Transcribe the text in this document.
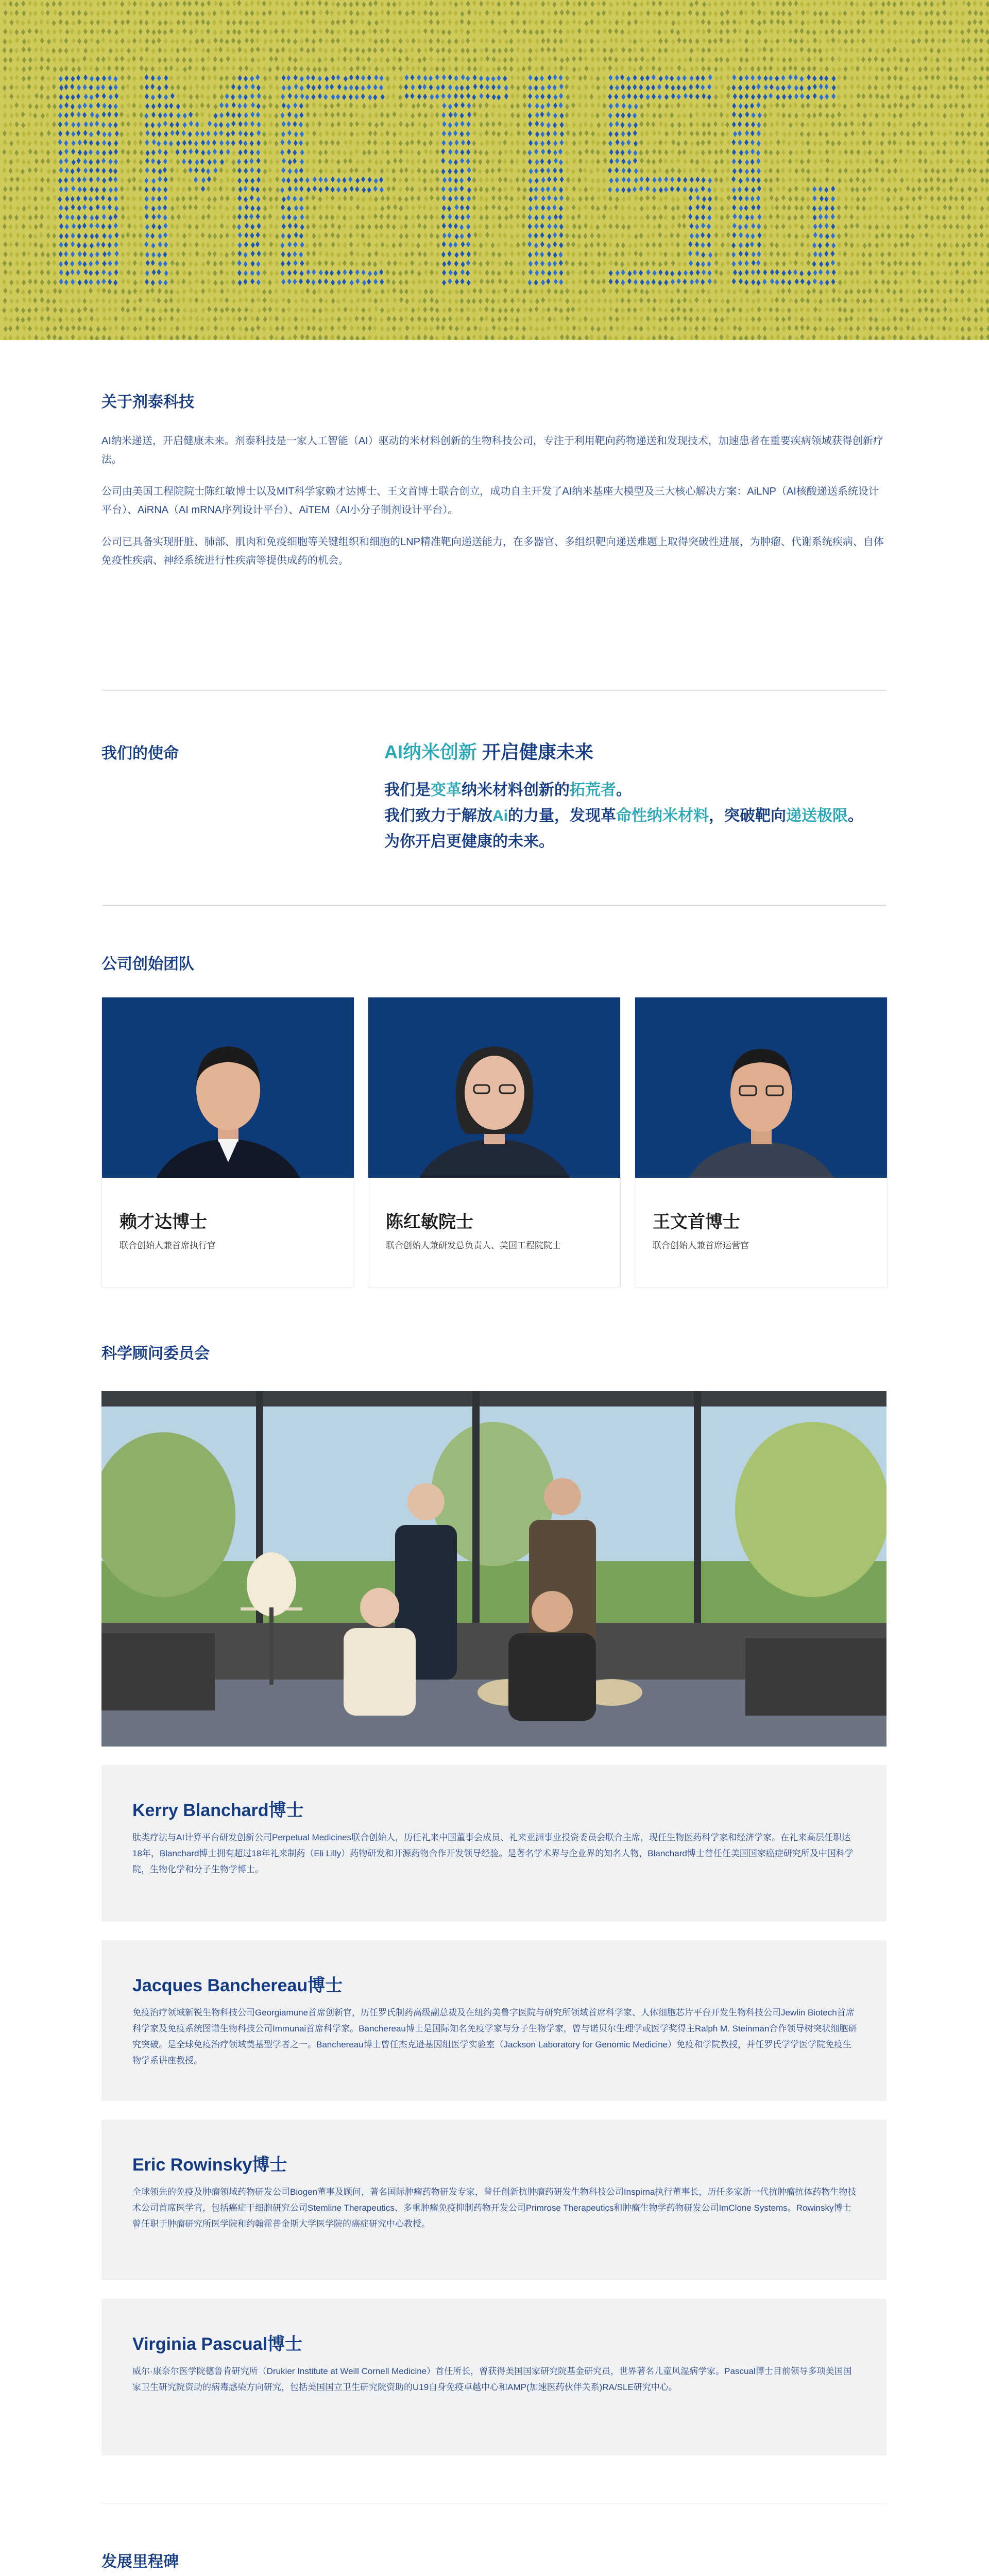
关于剂泰科技

AI纳米递送，开启健康未来。剂泰科技是一家人工智能（AI）驱动的米材料创新的生物科技公司，专注于利用靶向药物递送和发现技术，加速患者在重要疾病领域获得创新疗法。

公司由美国工程院院士陈红敏博士以及MIT科学家赖才达博士、王文首博士联合创立，成功自主开发了AI纳米基座大模型及三大核心解决方案：AiLNP（AI核酸递送系统设计平台）、AiRNA（AI mRNA序列设计平台）、AiTEM（AI小分子制剂设计平台）。

公司已具备实现肝脏、肺部、肌肉和免疫细胞等关键组织和细胞的LNP精准靶向递送能力，在多器官、多组织靶向递送难题上取得突破性进展，为肿瘤、代谢系统疾病、自体免疫性疾病、神经系统进行性疾病等提供成药的机会。

我们的使命	AI纳米创新 开启健康未来
我们是变革纳米材料创新的拓荒者。
我们致力于解放Ai的力量，发现革命性纳米材料，突破靶向递送极限。
为你开启更健康的未来。
公司创始团队
赖才达博士
联合创始人兼首席执行官
陈红敏院士
联合创始人兼研发总负责人、美国工程院院士
王文首博士
联合创始人兼首席运营官
科学顾问委员会
Kerry Blanchard博士
肽类疗法与AI计算平台研发创新公司Perpetual Medicines联合创始人，历任礼来中国董事会成员、礼来亚洲事业投资委员会联合主席，现任生物医药科学家和经济学家。在礼来高层任职达18年，Blanchard博士拥有超过18年礼来制药（Eli Lilly）药物研发和开源药物合作开发领导经验。是著名学术界与企业界的知名人物，Blanchard博士曾任任美国国家癌症研究所及中国科学院，生物化学和分子生物学博士。
Jacques Banchereau博士
免疫治疗领域新锐生物科技公司Georgiamune首席创新官，历任罗氏制药高级副总裁及在纽约美鲁字医院与研究所领域首席科学家、人体细胞芯片平台开发生物科技公司Jewlin Biotech首席科学家及免疫系统图谱生物科技公司Immunai首席科学家。Banchereau博士是国际知名免疫学家与分子生物学家，曾与诺贝尔生理学或医学奖得主Ralph M. Steinman合作领导树突状细胞研究突破。是全球免疫治疗领域奠基型学者之一。Banchereau博士曾任杰克逊基因组医学实验室（Jackson Laboratory for Genomic Medicine）免疫和学院教授，并任罗氏学学医学院免疫生物学系讲座教授。
Eric Rowinsky博士
全球领先的免疫及肿瘤领域药物研发公司Biogen董事及顾问，著名国际肿瘤药物研发专家，曾任创新抗肿瘤药研发生物科技公司Inspirna执行董事长，历任多家新一代抗肿瘤抗体药物生物技术公司首席医学官，包括癌症干细胞研究公司Stemline Therapeutics、多重肿瘤免疫抑制药物开发公司Primrose Therapeutics和肿瘤生物学药物研发公司ImClone Systems。Rowinsky博士曾任职于肿瘤研究所医学院和约翰霍普金斯大学医学院的癌症研究中心教授。
Virginia Pascual博士
威尔·康奈尔医学院德鲁肯研究所（Drukier Institute at Weill Cornell Medicine）首任所长，曾获得美国国家研究院基金研究员，世界著名儿童风湿病学家。Pascual博士目前领导多项美国国家卫生研究院资助的病毒感染方向研究，包括美国国立卫生研究院资助的U19自身免疫卓越中心和AMP(加速医药伙伴关系)RA/SLE研究中心。
发展里程碑
